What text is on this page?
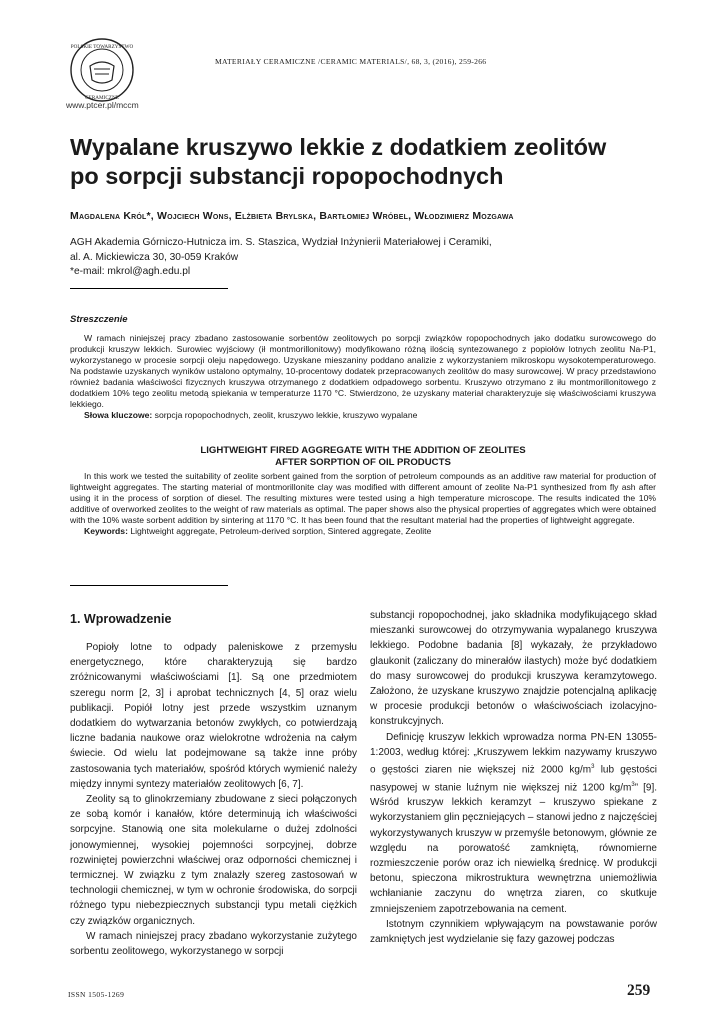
POLSKIE TOWARZYSTWO
CERAMICZNE
www.ptcer.pl/mccm
MATERIAŁY CERAMICZNE /CERAMIC MATERIALS/, 68, 3, (2016), 259-266
Wypalane kruszywo lekkie z dodatkiem zeolitów
po sorpcji substancji ropopochodnych
Magdalena Król*, Wojciech Wons, Elżbieta Brylska, Bartłomiej Wróbel, Włodzimierz Mozgawa
AGH Akademia Górniczo-Hutnicza im. S. Staszica, Wydział Inżynierii Materiałowej i Ceramiki,
al. A. Mickiewicza 30, 30-059 Kraków
*e-mail: mkrol@agh.edu.pl
Streszczenie
W ramach niniejszej pracy zbadano zastosowanie sorbentów zeolitowych po sorpcji związków ropopochodnych jako dodatku surowcowego do produkcji kruszyw lekkich. Surowiec wyjściowy (ił montmorillonitowy) modyfikowano różną ilością syntezowanego z popiołów lotnych zeolitu Na-P1, wykorzystanego w procesie sorpcji oleju napędowego. Uzyskane mieszaniny poddano analizie z wykorzystaniem mikroskopu wysokotemperaturowego. Na podstawie uzyskanych wyników ustalono optymalny, 10-procentowy dodatek przepracowanych zeolitów do masy surowcowej. W pracy przedstawiono również badania właściwości fizycznych kruszywa otrzymanego z dodatkiem odpadowego sorbentu. Kruszywo otrzymano z iłu montmorillonitowego z dodatkiem 10% tego zeolitu metodą spiekania w temperaturze 1170 °C. Stwierdzono, że uzyskany materiał charakteryzuje się właściwościami kruszywa lekkiego.
Słowa kluczowe: sorpcja ropopochodnych, zeolit, kruszywo lekkie, kruszywo wypalane
LIGHTWEIGHT FIRED AGGREGATE WITH THE ADDITION OF ZEOLITES
AFTER SORPTION OF OIL PRODUCTS
In this work we tested the suitability of zeolite sorbent gained from the sorption of petroleum compounds as an additive raw material for production of lightweight aggregates. The starting material of montmorillonite clay was modified with different amount of zeolite Na-P1 synthesized from fly ash after using it in the process of sorption of diesel. The resulting mixtures were tested using a high temperature microscope. The results indicated the 10% additive of overworked zeolites to the weight of raw materials as optimal. The paper shows also the physical properties of aggregates which were obtained with the 10% waste sorbent addition by sintering at 1170 °C. It has been found that the resultant material had the properties of lightweight aggregate.
Keywords: Lightweight aggregate, Petroleum-derived sorption, Sintered aggregate, Zeolite
1. Wprowadzenie

Popioły lotne to odpady paleniskowe z przemysłu energetycznego, które charakteryzują się bardzo zróżnicowanymi właściwościami [1]. Są one przedmiotem szeregu norm [2, 3] i aprobat technicznych [4, 5] oraz wielu publikacji. Popiół lotny jest przede wszystkim uznanym dodatkiem do wytwarzania betonów zwykłych, co potwierdzają liczne badania naukowe oraz wielokrotne wdrożenia na całym świecie. Od wielu lat podejmowane są także inne próby zastosowania tych materiałów, spośród których wymienić należy między innymi syntezy materiałów zeolitowych [6, 7].

Zeolity są to glinokrzemiany zbudowane z sieci połączonych ze sobą komór i kanałów, które determinują ich właściwości sorpcyjne. Stanowią one sita molekularne o dużej zdolności jonowymiennej, wysokiej pojemności sorpcyjnej, dobrze rozwiniętej powierzchni właściwej oraz odporności chemicznej i termicznej. W związku z tym znalazły szereg zastosowań w technologii chemicznej, w tym w ochronie środowiska, do sorpcji różnego typu niebezpiecznych substancji typu metali ciężkich czy związków organicznych.

W ramach niniejszej pracy zbadano wykorzystanie zużytego sorbentu zeolitowego, wykorzystanego w sorpcji

substancji ropopochodnej, jako składnika modyfikującego skład mieszanki surowcowej do otrzymywania wypalanego kruszywa lekkiego. Podobne badania [8] wykazały, że przykładowo glaukonit (zaliczany do minerałów ilastych) może być dodatkiem do masy surowcowej do produkcji kruszywa keramzytowego. Założono, że uzyskane kruszywo znajdzie potencjalną aplikację w procesie produkcji betonów o właściwościach izolacyjno-konstrukcyjnych.

Definicję kruszyw lekkich wprowadza norma PN-EN 13055-1:2003, według której: „Kruszywem lekkim nazywamy kruszywo o gęstości ziaren nie większej niż 2000 $kg/m^3$ lub gęstości nasypowej w stanie luźnym nie większej niż 1200 $kg/m^3$” [9]. Wśród kruszyw lekkich keramzyt – kruszywo spiekane z wykorzystaniem glin pęczniejących – stanowi jedno z najczęściej wykorzystywanych kruszyw w przemyśle betonowym, głównie ze względu na porowatość zamkniętą, równomierne rozmieszczenie porów oraz ich niewielką średnicę. W produkcji betonu, spieczona mikrostruktura wewnętrzna uniemożliwia wchłanianie zaczynu do wnętrza ziaren, co skutkuje zmniejszeniem zapotrzebowania na cement.

Istotnym czynnikiem wpływającym na powstawanie porów zamkniętych jest wydzielanie się fazy gazowej podczas

ISSN 1505-1269	259
